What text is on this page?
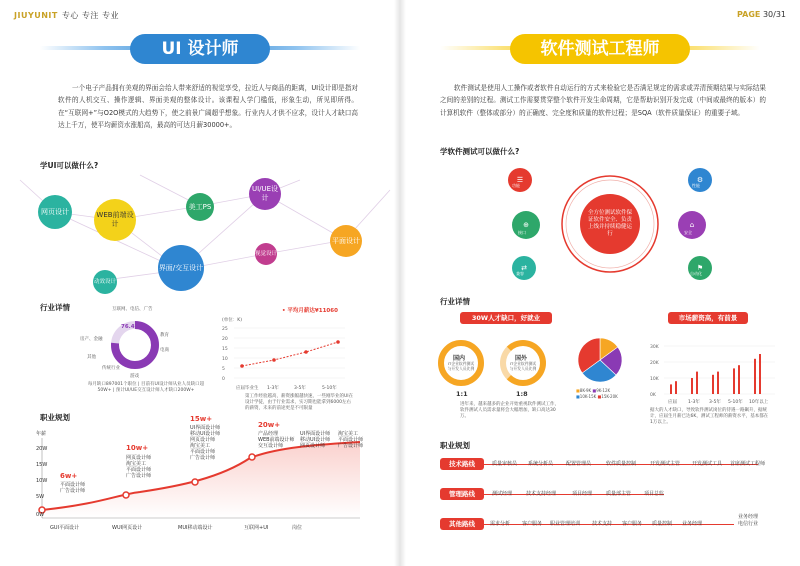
JIUYUNIT 专心 专注 专业
UI 设计师
一个电子产品拥有美观的界面会给人带来舒适的视觉享受，拉近人与商品的距离，UI设计即是指对软件的人机交互、操作逻辑、界面美观的整体设计。该课程人学门槛低，形象生动，所见即所得。在“互联网+”与O2O模式的大趋势下，使之前景广阔超乎想象。行业内人才供不应求，设计人才缺口高达上千万，使平均薪资水涨船高，最高的可达月薪30000+。
学UI可以做什么?
网页设计	WEB前端设计
美工PS
UI/UE设计
平面设计
界面/交互设计
视觉设计
动效设计
行业详情
76.4%
互联网、电信、广告
教育
电商
游戏
房产、金融
其他
传统行业
每月缺口897001个职位 | 目前有UI设计师从业人员缺口超50W+ | 预计UI/UE交互设计师人才缺口200W+
• 平均月薪达¥11060
(单位：K)
25
20
15
10
5
0
应届毕业生 1-3年	3-5年	5-10年
第工作经验越高，薪资涨幅越快速，一些刚毕业的UI在设计学徒，由于行业需求，实习期也能拿到6000左右的薪资，未来的前途更是不可限量
职业规划
年薪
20W
15W
10W
5W
0W
6w+
平面设计师
广告设计师
10w+
网页设计师
淘宝美工
平面设计师
广告设计师
15w+
UI界面设计师
移动UI设计师
网页设计师
淘宝美工
平面设计师
广告设计师
20w+
产品经理
WEB前端设计师
交互设计师
UI界面设计师
移动UI设计师
网页设计师
淘宝美工
平面设计师
广告设计师
GUI平面设计	WUI网页设计	MUI移动端设计	互联网+UI	岗位
PAGE 30/31
软件测试工程师
软件测试是使用人工操作或者软件自动运行的方式来检验它是否满足规定的需求或弄清预期结果与实际结果之间的差别的过程。测试工作需要贯穿整个软件开发生命周期，它是帮助识别开发完成（中间或最终的版本）的计算机软件（整体或部分）的正确度、完全度和质量的软件过程；是SQA（软件质量保证）的重要子域。
学软件测试可以做什么?
全方位测试软件保证软件安全、负责上线并持续稳健运行
☰
功能
⚙
性能
⊕
接口
⌂
安全
⇄
兼容
⚑
自动化
行业详情
30W人才缺口，好就业	市场薪资高，有前景
国内
IT企业软件测试
与开发人员比例
国外
IT企业软件测试
与开发人员比例
1:1	1:8
进年来，越来越多的企业开始重视软件测试工作，软件测试人员需求量将会大幅增加，缺口高达30万。
■8K-9K ■9K-12K
■10K-15K ■15K-20K
30K
20K
10K
0K
应届 1-3年 3-5年 5-10年 10年以上
据大的人才缺口，导致软件测试岗位的待遇一路飙升，据统计，应届生月薪已达6K，测试工程师的薪资水平，基本都在1万以上。
职业规划
技术路线	质量审核员 系统分析员	配置管理员	软件质量控制	开发测试主管 开发测试工具 首席测试工程师
管理路线	测试经理	技术支持经理	项目经理	质量部主管	项目总监
其他路线	需求分析 客户服务 职业管理培训 技术支持 客户服务 质量控制 业务经理
业务经理
电信行业
